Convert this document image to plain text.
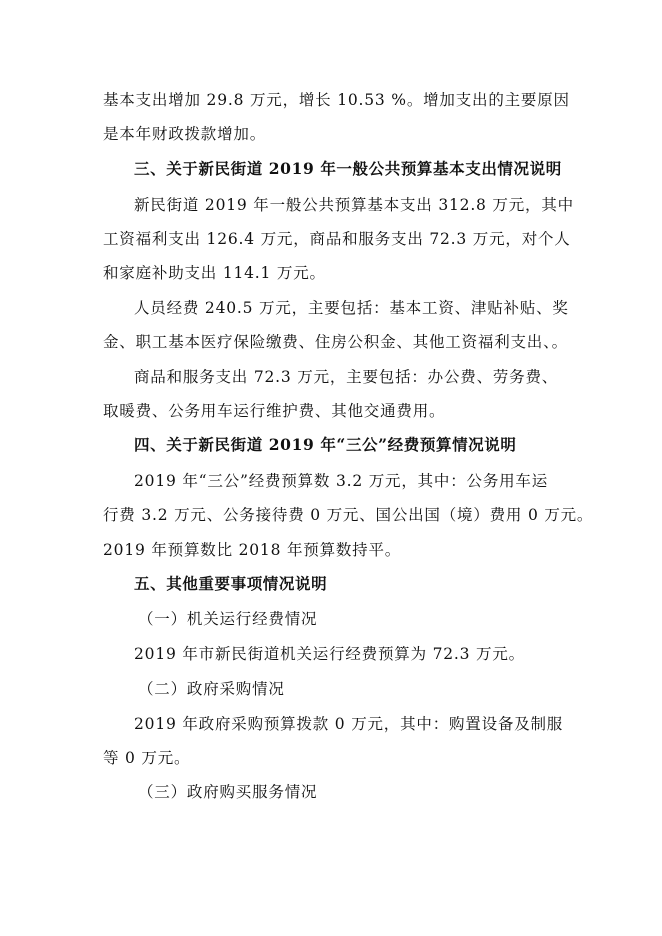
基本支出增加 29.8 万元，增长 10.53 %。增加支出的主要原因
是本年财政拨款增加。
三、关于新民街道 2019 年一般公共预算基本支出情况说明
新民街道 2019 年一般公共预算基本支出 312.8 万元，其中
工资福利支出 126.4 万元，商品和服务支出 72.3 万元，对个人
和家庭补助支出 114.1 万元。
人员经费 240.5 万元，主要包括：基本工资、津贴补贴、奖
金、职工基本医疗保险缴费、住房公积金、其他工资福利支出、。
商品和服务支出 72.3 万元，主要包括：办公费、劳务费、
取暖费、公务用车运行维护费、其他交通费用。
四、关于新民街道 2019 年“三公”经费预算情况说明
2019 年“三公”经费预算数 3.2 万元，其中：公务用车运
行费 3.2 万元、公务接待费 0 万元、国公出国（境）费用 0 万元。
2019 年预算数比 2018 年预算数持平。
五、其他重要事项情况说明
（一）机关运行经费情况
2019 年市新民街道机关运行经费预算为 72.3 万元。
（二）政府采购情况
2019 年政府采购预算拨款 0 万元，其中：购置设备及制服
等 0 万元。
（三）政府购买服务情况
